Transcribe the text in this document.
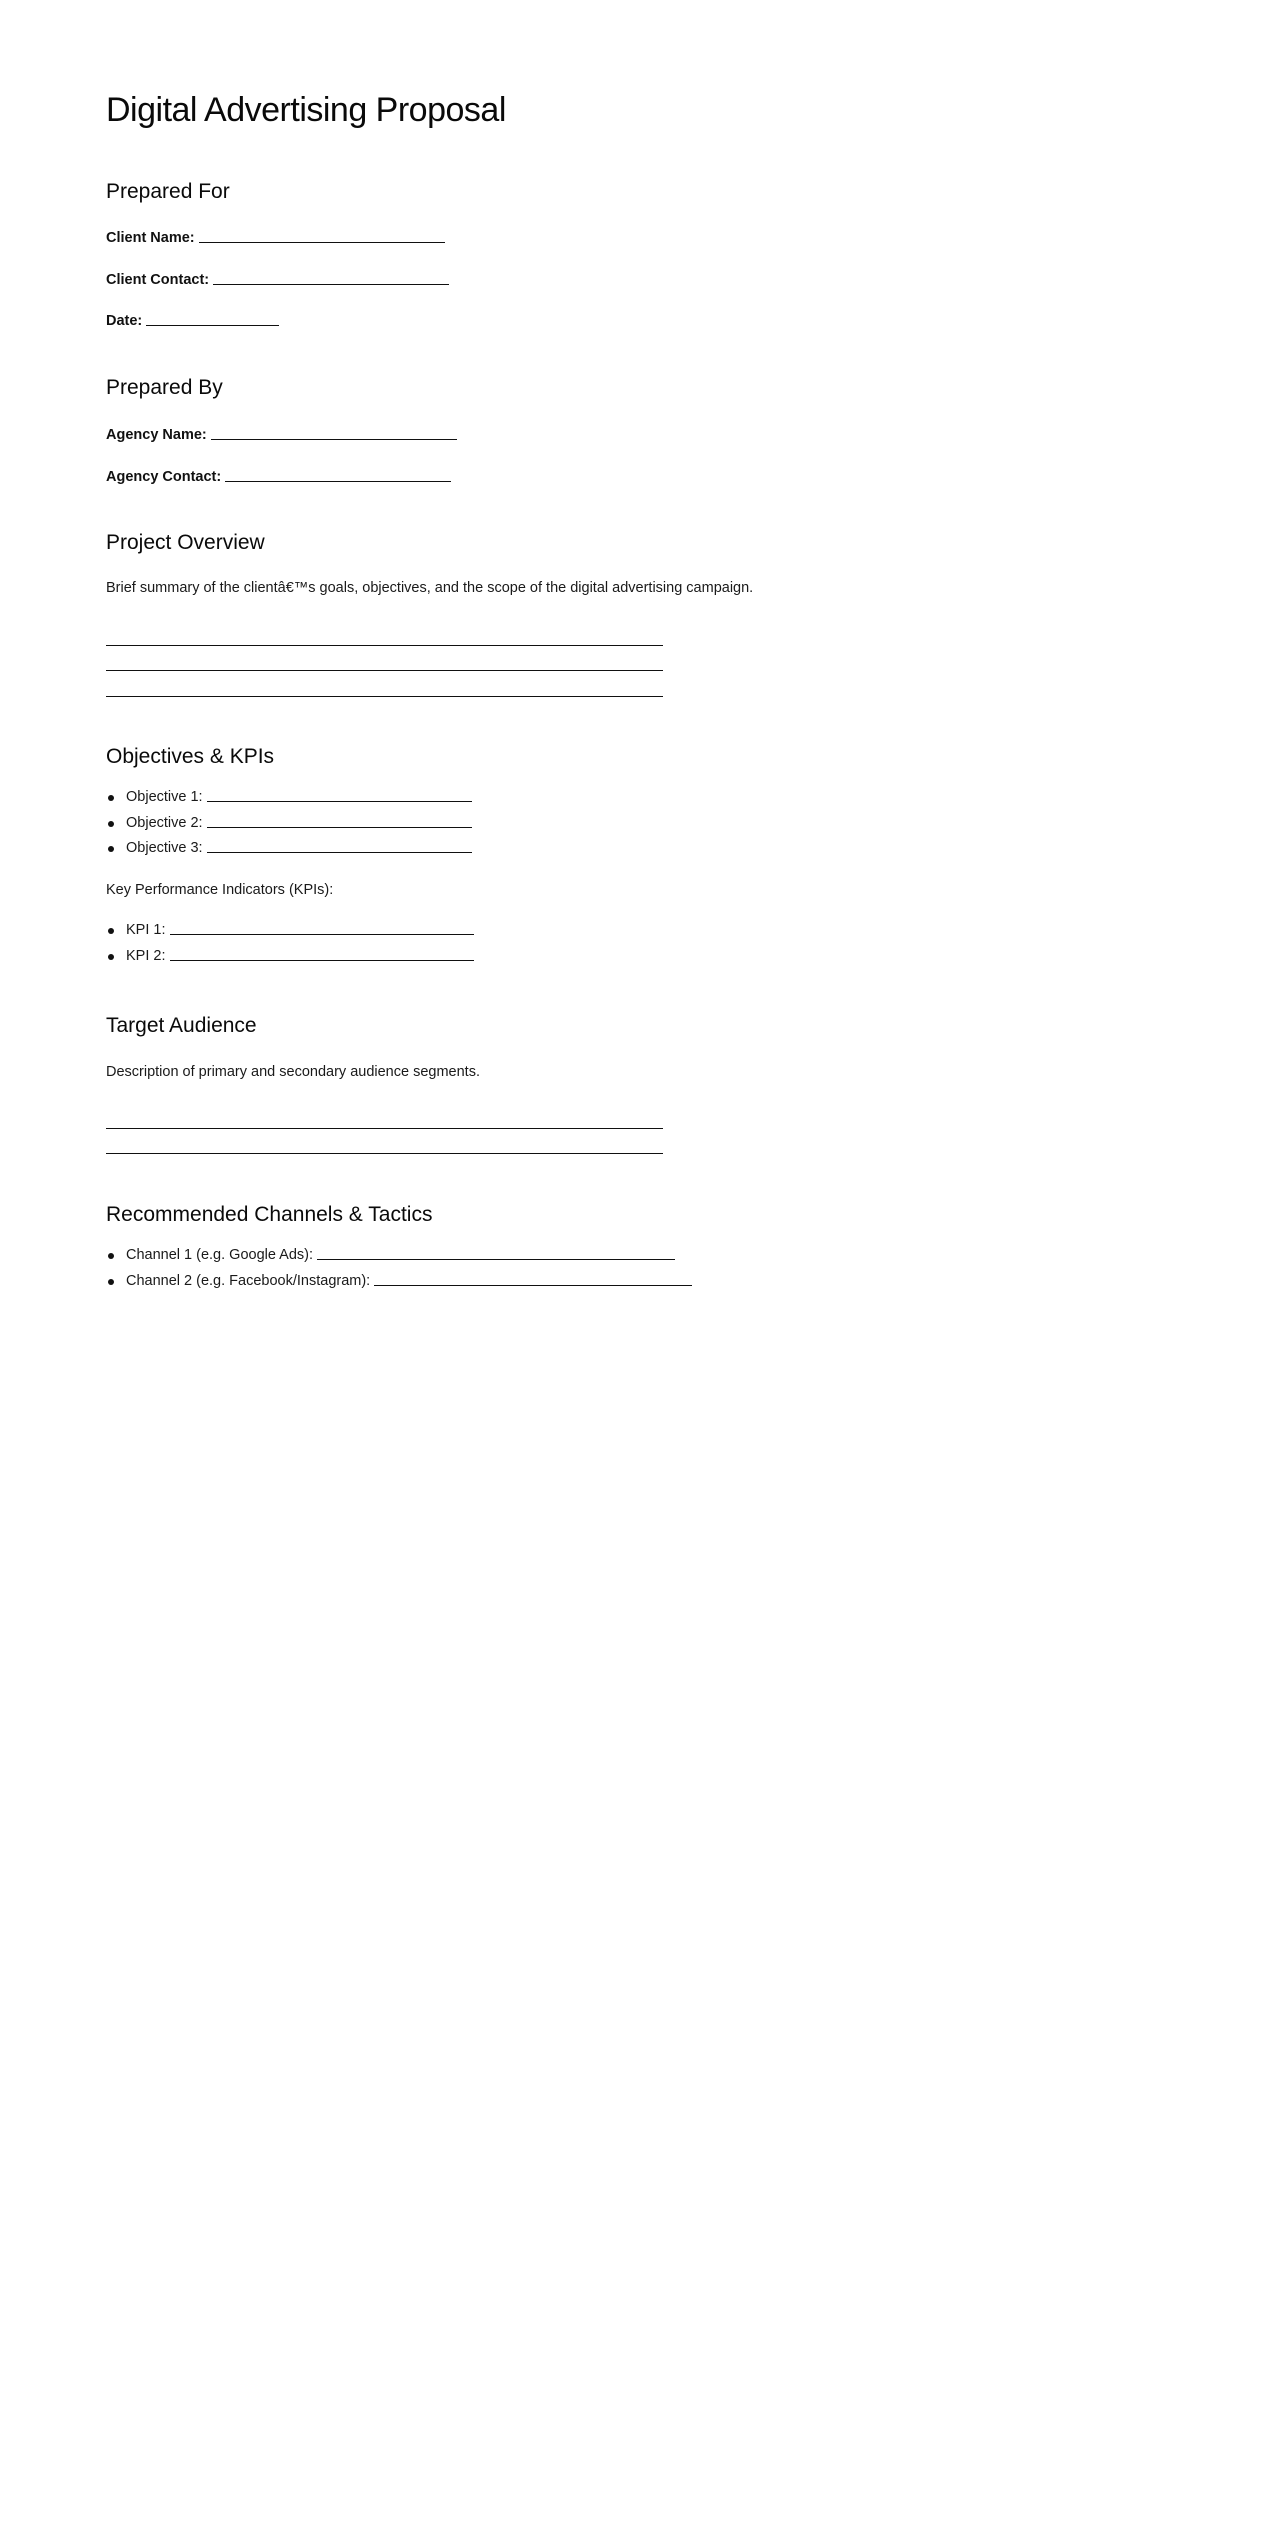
Digital Advertising Proposal
Prepared For
Client Name:
Client Contact:
Date:
Prepared By
Agency Name:
Agency Contact:
Project Overview
Brief summary of the clientâ€™s goals, objectives, and the scope of the digital advertising campaign.
Objectives & KPIs
Objective 1:
Objective 2:
Objective 3:
Key Performance Indicators (KPIs):
KPI 1:
KPI 2:
Target Audience
Description of primary and secondary audience segments.
Recommended Channels & Tactics
Channel 1 (e.g. Google Ads):
Channel 2 (e.g. Facebook/Instagram):
